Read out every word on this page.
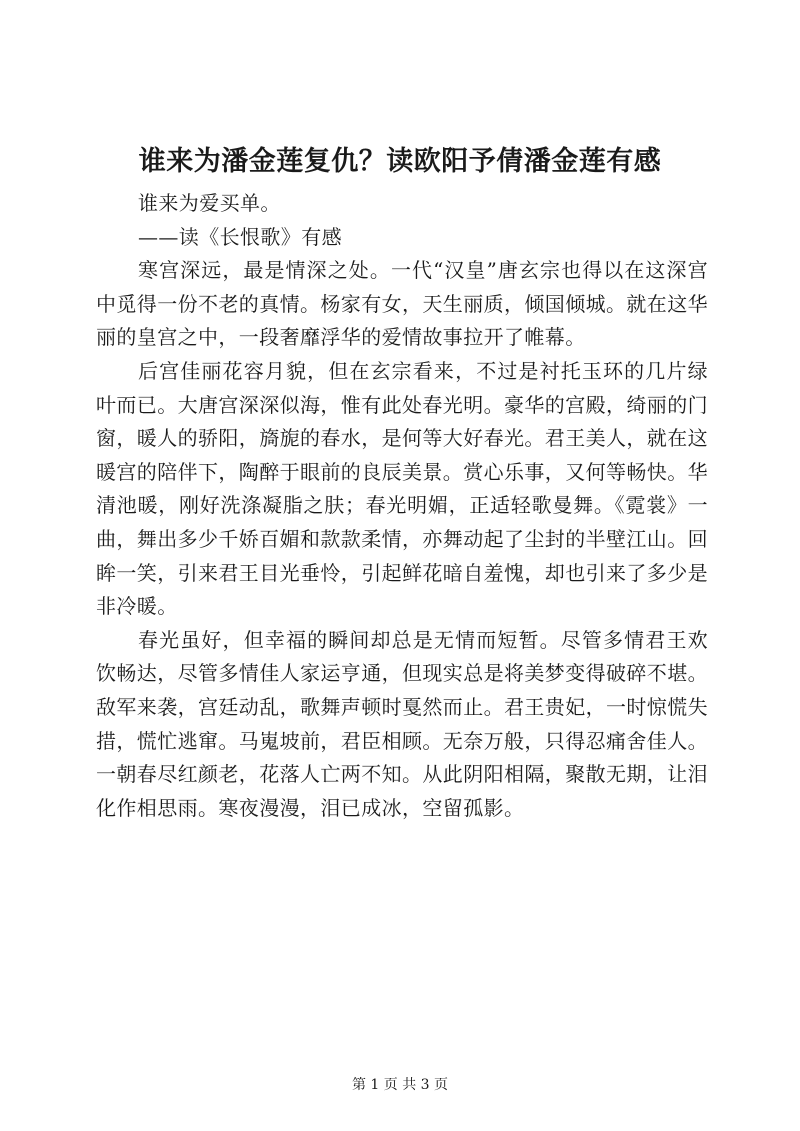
谁来为潘金莲复仇？读欧阳予倩潘金莲有感

谁来为爱买单。

——读《长恨歌》有感

寒宫深远，最是情深之处。一代“汉皇”唐玄宗也得以在这深宫中觅得一份不老的真情。杨家有女，天生丽质，倾国倾城。就在这华丽的皇宫之中，一段奢靡浮华的爱情故事拉开了帷幕。

后宫佳丽花容月貌，但在玄宗看来，不过是衬托玉环的几片绿叶而已。大唐宫深深似海，惟有此处春光明。豪华的宫殿，绮丽的门窗，暖人的骄阳，旖旎的春水，是何等大好春光。君王美人，就在这暖宫的陪伴下，陶醉于眼前的良辰美景。赏心乐事，又何等畅快。华清池暖，刚好洗涤凝脂之肤；春光明媚，正适轻歌曼舞。《霓裳》一曲，舞出多少千娇百媚和款款柔情，亦舞动起了尘封的半壁江山。回眸一笑，引来君王目光垂怜，引起鲜花暗自羞愧，却也引来了多少是非冷暖。

春光虽好，但幸福的瞬间却总是无情而短暂。尽管多情君王欢饮畅达，尽管多情佳人家运亨通，但现实总是将美梦变得破碎不堪。敌军来袭，宫廷动乱，歌舞声顿时戛然而止。君王贵妃，一时惊慌失措，慌忙逃窜。马嵬坡前，君臣相顾。无奈万般，只得忍痛舍佳人。一朝春尽红颜老，花落人亡两不知。从此阴阳相隔，聚散无期，让泪化作相思雨。寒夜漫漫，泪已成冰，空留孤影。

第 1 页 共 3 页
